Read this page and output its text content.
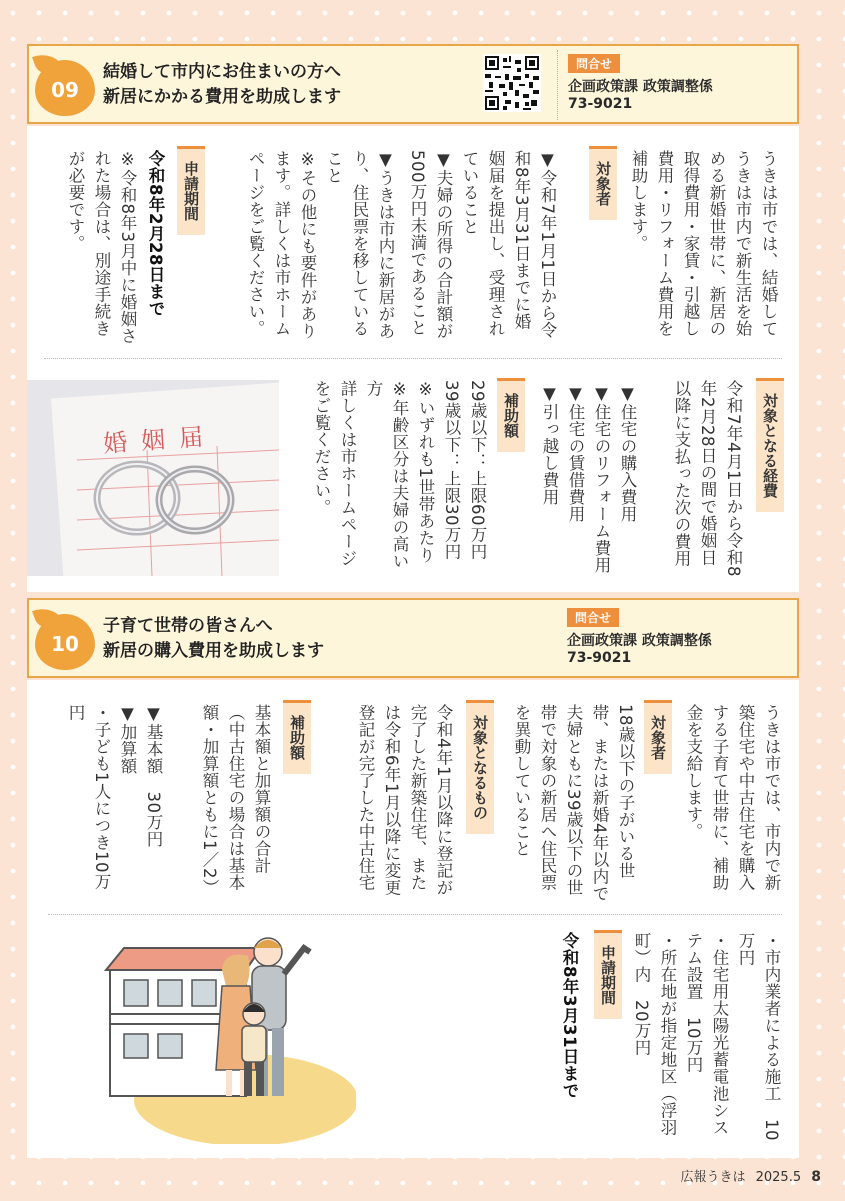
09
結婚して市内にお住まいの方へ
新居にかかる費用を助成します
問合せ
企画政策課 政策調整係
73-9021
うきは市では、結婚してうきは市内で新生活を始める新婚世帯に、新居の取得費用・家賃・引越し費用・リフォーム費用を補助します。
対象者
▼令和7年1月1日から令和8年3月31日までに婚姻届を提出し、受理されていること
▼夫婦の所得の合計額が500万円未満であること
▼うきは市内に新居があり、住民票を移していること
※その他にも要件があります。詳しくは市ホームページをご覧ください。
申請期間
令和8年2月28日まで
※令和8年3月中に婚姻された場合は、別途手続きが必要です。
対象となる経費
令和7年4月1日から令和8年2月28日の間で婚姻日以降に支払った次の費用
▼住宅の購入費用
▼住宅のリフォーム費用
▼住宅の賃借費用
▼引っ越し費用
補助額
29歳以下：上限60万円
39歳以下：上限30万円
※いずれも1世帯あたり
※年齢区分は夫婦の高い方
詳しくは市ホームページをご覧ください。
婚姻届
10
子育て世帯の皆さんへ
新居の購入費用を助成します
問合せ
企画政策課 政策調整係
73-9021
うきは市では、市内で新築住宅や中古住宅を購入する子育て世帯に、補助金を支給します。
対象者
18歳以下の子がいる世帯、または新婚4年以内で夫婦ともに39歳以下の世帯で対象の新居へ住民票を異動していること
対象となるもの
令和4年1月以降に登記が完了した新築住宅、または令和6年1月以降に変更登記が完了した中古住宅
補助額
基本額と加算額の合計（中古住宅の場合は基本額・加算額ともに1／2）
▼基本額　30万円
▼加算額
・子ども1人につき10万円
・市内業者による施工　10万円
・住宅用太陽光蓄電池システム設置　10万円
・所在地が指定地区（浮羽町）内　20万円
申請期間
令和8年3月31日まで
広報うきは 2025.5 8
